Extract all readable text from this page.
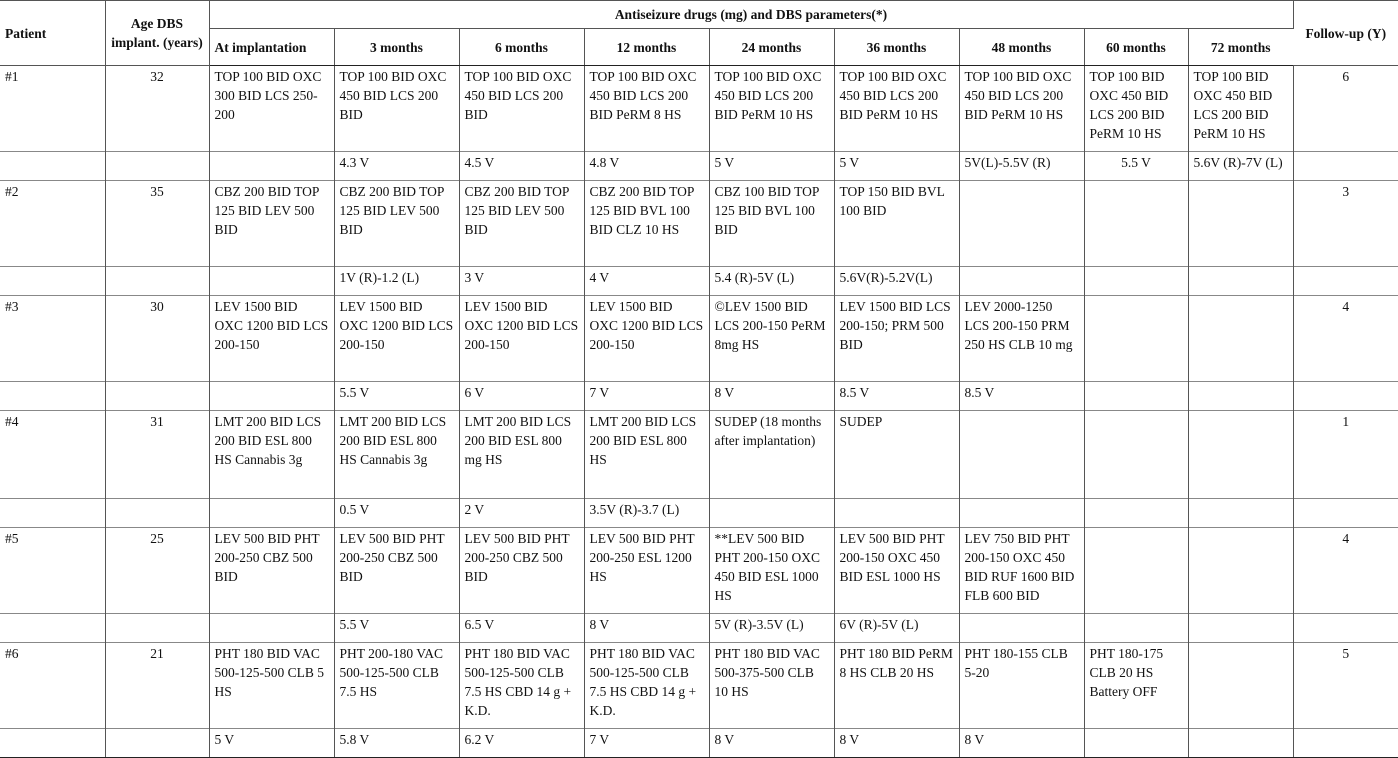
Patient	Age DBS implant. (years)	Antiseizure drugs (mg) and DBS parameters(*)									Follow-up (Y)
		At implantation	3 months	6 months	12 months	24 months	36 months	48 months	60 months	72 months	
#1	32	TOP 100 BID OXC 300 BID LCS 250-200	TOP 100 BID OXC 450 BID LCS 200 BID	TOP 100 BID OXC 450 BID LCS 200 BID	TOP 100 BID OXC 450 BID LCS 200 BID PeRM 8 HS	TOP 100 BID OXC 450 BID LCS 200 BID PeRM 10 HS	TOP 100 BID OXC 450 BID LCS 200 BID PeRM 10 HS	TOP 100 BID OXC 450 BID LCS 200 BID PeRM 10 HS	TOP 100 BID OXC 450 BID LCS 200 BID PeRM 10 HS	TOP 100 BID OXC 450 BID LCS 200 BID PeRM 10 HS	6
			4.3 V	4.5 V	4.8 V	5 V	5 V	5V(L)-5.5V (R)	5.5 V	5.6V (R)-7V (L)	
#2	35	CBZ 200 BID TOP 125 BID LEV 500 BID	CBZ 200 BID TOP 125 BID LEV 500 BID	CBZ 200 BID TOP 125 BID LEV 500 BID	CBZ 200 BID TOP 125 BID BVL 100 BID CLZ 10 HS	CBZ 100 BID TOP 125 BID BVL 100 BID	TOP 150 BID BVL 100 BID				3
			1V (R)-1.2 (L)	3 V	4 V	5.4 (R)-5V (L)	5.6V(R)-5.2V(L)				
#3	30	LEV 1500 BID OXC 1200 BID LCS 200-150	LEV 1500 BID OXC 1200 BID LCS 200-150	LEV 1500 BID OXC 1200 BID LCS 200-150	LEV 1500 BID OXC 1200 BID LCS 200-150	©LEV 1500 BID LCS 200-150 PeRM 8mg HS	LEV 1500 BID LCS 200-150; PRM 500 BID	LEV 2000-1250 LCS 200-150 PRM 250 HS CLB 10 mg			4
			5.5 V	6 V	7 V	8 V	8.5 V	8.5 V			
#4	31	LMT 200 BID LCS 200 BID ESL 800 HS Cannabis 3g	LMT 200 BID LCS 200 BID ESL 800 HS Cannabis 3g	LMT 200 BID LCS 200 BID ESL 800 mg HS	LMT 200 BID LCS 200 BID ESL 800 HS	SUDEP (18 months after implantation)	SUDEP				1
			0.5 V	2 V	3.5V (R)-3.7 (L)						
#5	25	LEV 500 BID PHT 200-250 CBZ 500 BID	LEV 500 BID PHT 200-250 CBZ 500 BID	LEV 500 BID PHT 200-250 CBZ 500 BID	LEV 500 BID PHT 200-250 ESL 1200 HS	**LEV 500 BID PHT 200-150 OXC 450 BID ESL 1000 HS	LEV 500 BID PHT 200-150 OXC 450 BID ESL 1000 HS	LEV 750 BID PHT 200-150 OXC 450 BID RUF 1600 BID FLB 600 BID			4
			5.5 V	6.5 V	8 V	5V (R)-3.5V (L)	6V (R)-5V (L)				
#6	21	PHT 180 BID VAC 500-125-500 CLB 5 HS	PHT 200-180 VAC 500-125-500 CLB 7.5 HS	PHT 180 BID VAC 500-125-500 CLB 7.5 HS CBD 14 g + K.D.	PHT 180 BID VAC 500-125-500 CLB 7.5 HS CBD 14 g + K.D.	PHT 180 BID VAC 500-375-500 CLB 10 HS	PHT 180 BID PeRM 8 HS CLB 20 HS	PHT 180-155 CLB 5-20	PHT 180-175 CLB 20 HS Battery OFF		5
		5 V	5.8 V	6.2 V	7 V	8 V	8 V	8 V			
